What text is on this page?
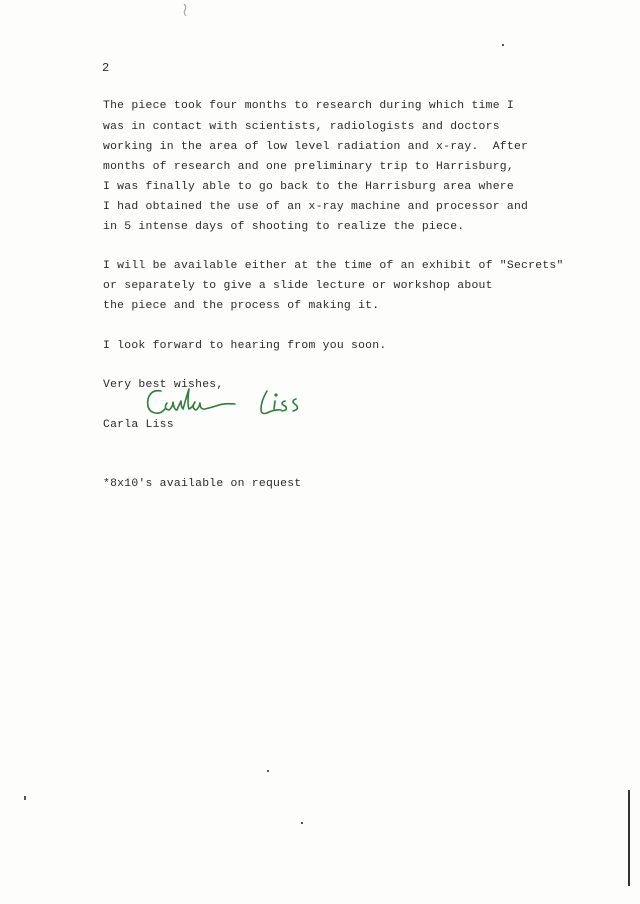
2
The piece took four months to research during which time I
was in contact with scientists, radiologists and doctors
working in the area of low level radiation and x-ray.  After
months of research and one preliminary trip to Harrisburg,
I was finally able to go back to the Harrisburg area where
I had obtained the use of an x-ray machine and processor and
in 5 intense days of shooting to realize the piece.
I will be available either at the time of an exhibit of "Secrets"
or separately to give a slide lecture or workshop about
the piece and the process of making it.
I look forward to hearing from you soon.
Very best wishes,
Carla Liss
*8x10's available on request
